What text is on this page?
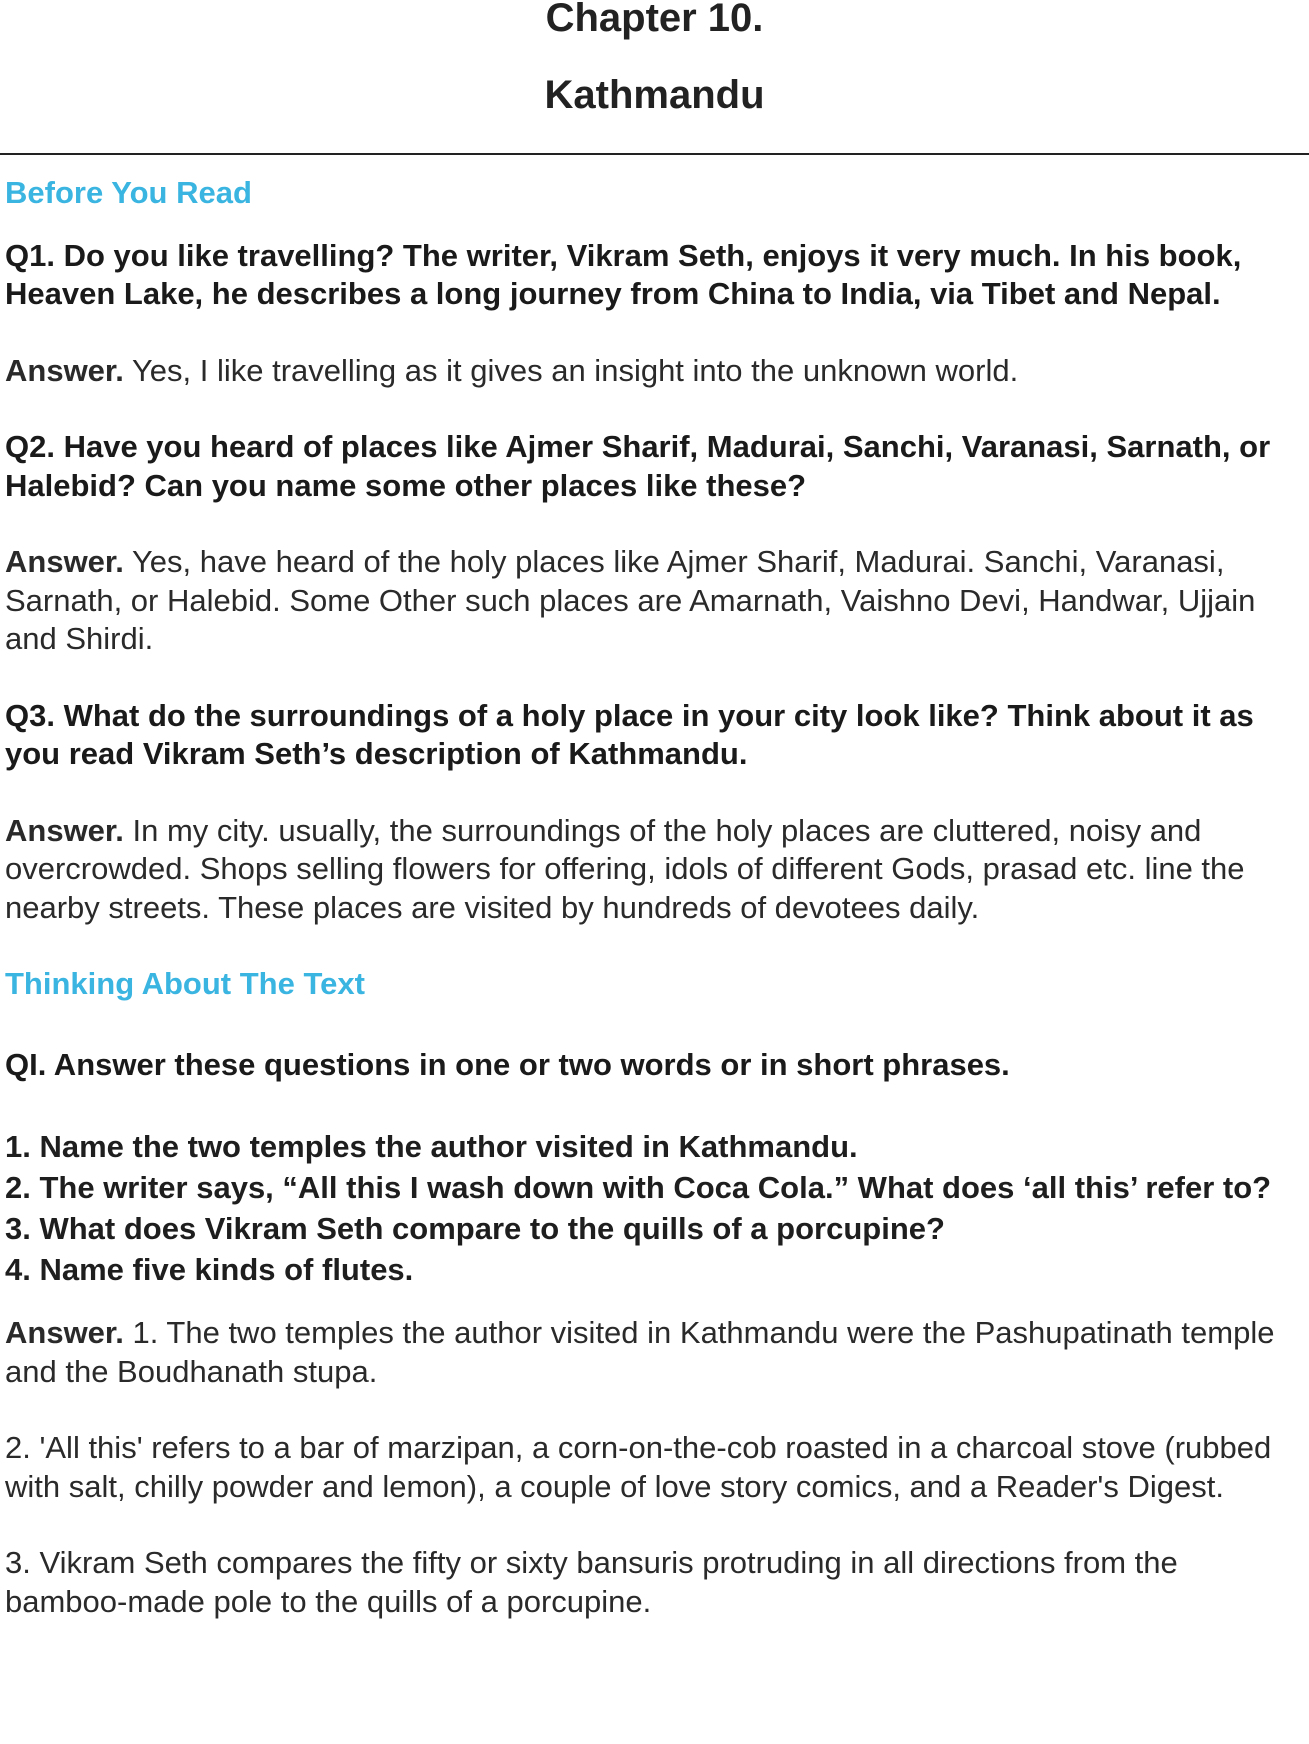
Chapter 10.
Kathmandu

Before You Read

Q1. Do you like travelling? The writer, Vikram Seth, enjoys it very much. In his book, Heaven Lake, he describes a long journey from China to India, via Tibet and Nepal.

Answer. Yes, I like travelling as it gives an insight into the unknown world.

Q2. Have you heard of places like Ajmer Sharif, Madurai, Sanchi, Varanasi, Sarnath, or Halebid? Can you name some other places like these?

Answer. Yes, have heard of the holy places like Ajmer Sharif, Madurai. Sanchi, Varanasi, Sarnath, or Halebid. Some Other such places are Amarnath, Vaishno Devi, Handwar, Ujjain and Shirdi.

Q3. What do the surroundings of a holy place in your city look like? Think about it as you read Vikram Seth’s description of Kathmandu.

Answer. In my city. usually, the surroundings of the holy places are cluttered, noisy and overcrowded. Shops selling flowers for offering, idols of different Gods, prasad etc. line the nearby streets. These places are visited by hundreds of devotees daily.

Thinking About The Text

QI. Answer these questions in one or two words or in short phrases.

1. Name the two temples the author visited in Kathmandu.
2. The writer says, “All this I wash down with Coca Cola.” What does ‘all this’ refer to?
3. What does Vikram Seth compare to the quills of a porcupine?
4. Name five kinds of flutes.

Answer. 1. The two temples the author visited in Kathmandu were the Pashupatinath temple and the Boudhanath stupa.

2. 'All this' refers to a bar of marzipan, a corn-on-the-cob roasted in a charcoal stove (rubbed with salt, chilly powder and lemon), a couple of love story comics, and a Reader's Digest.

3. Vikram Seth compares the fifty or sixty bansuris protruding in all directions from the bamboo-made pole to the quills of a porcupine.
